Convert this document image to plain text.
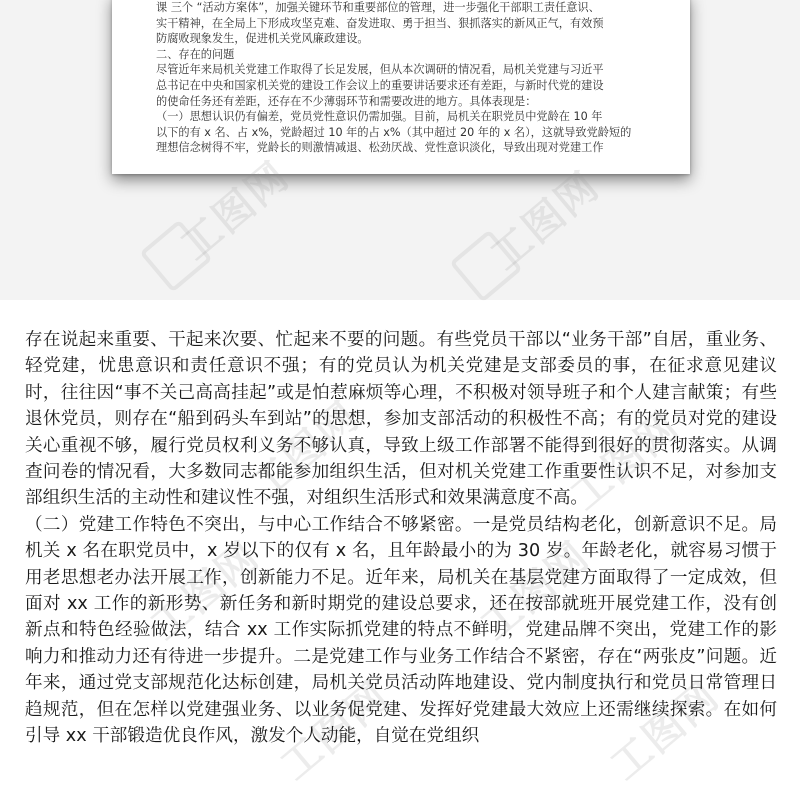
课 三个 “活动方案体”，加强关键环节和重要部位的管理，进一步强化干部职工责任意识、

实干精神，在全局上下形成攻坚克难、奋发进取、勇于担当、狠抓落实的新风正气，有效预

防腐败现象发生，促进机关党风廉政建设。

二、存在的问题

尽管近年来局机关党建工作取得了长足发展，但从本次调研的情况看，局机关党建与习近平

总书记在中央和国家机关党的建设工作会议上的重要讲话要求还有差距，与新时代党的建设

的使命任务还有差距，还存在不少薄弱环节和需要改进的地方。具体表现是：

（一）思想认识仍有偏差，党员党性意识仍需加强。目前，局机关在职党员中党龄在 10 年

以下的有 x 名、占 x%，党龄超过 10 年的占 x%（其中超过 20 年的 x 名），这就导致党龄短的

理想信念树得不牢，党龄长的则激情减退、松劲厌战、党性意识淡化，导致出现对党建工作

工图网	工图网
工图网	工图网
工图网	工图网

存在说起来重要、干起来次要、忙起来不要的问题。有些党员干部以“业务干部”自居，重业务、轻党建，忧患意识和责任意识不强；有的党员认为机关党建是支部委员的事，在征求意见建议时，往往因“事不关己高高挂起”或是怕惹麻烦等心理，不积极对领导班子和个人建言献策；有些退休党员，则存在“船到码头车到站”的思想，参加支部活动的积极性不高；有的党员对党的建设关心重视不够，履行党员权利义务不够认真，导致上级工作部署不能得到很好的贯彻落实。从调查问卷的情况看，大多数同志都能参加组织生活，但对机关党建工作重要性认识不足，对参加支部组织生活的主动性和建议性不强，对组织生活形式和效果满意度不高。

（二）党建工作特色不突出，与中心工作结合不够紧密。一是党员结构老化，创新意识不足。局机关 x 名在职党员中，x 岁以下的仅有 x 名，且年龄最小的为 30 岁。年龄老化，就容易习惯于用老思想老办法开展工作，创新能力不足。近年来，局机关在基层党建方面取得了一定成效，但面对 xx 工作的新形势、新任务和新时期党的建设总要求，还在按部就班开展党建工作，没有创新点和特色经验做法，结合 xx 工作实际抓党建的特点不鲜明，党建品牌不突出，党建工作的影响力和推动力还有待进一步提升。二是党建工作与业务工作结合不紧密，存在“两张皮”问题。近年来，通过党支部规范化达标创建，局机关党员活动阵地建设、党内制度执行和党员日常管理日趋规范，但在怎样以党建强业务、以业务促党建、发挥好党建最大效应上还需继续探索。在如何引导 xx 干部锻造优良作风，激发个人动能，自觉在党组织
